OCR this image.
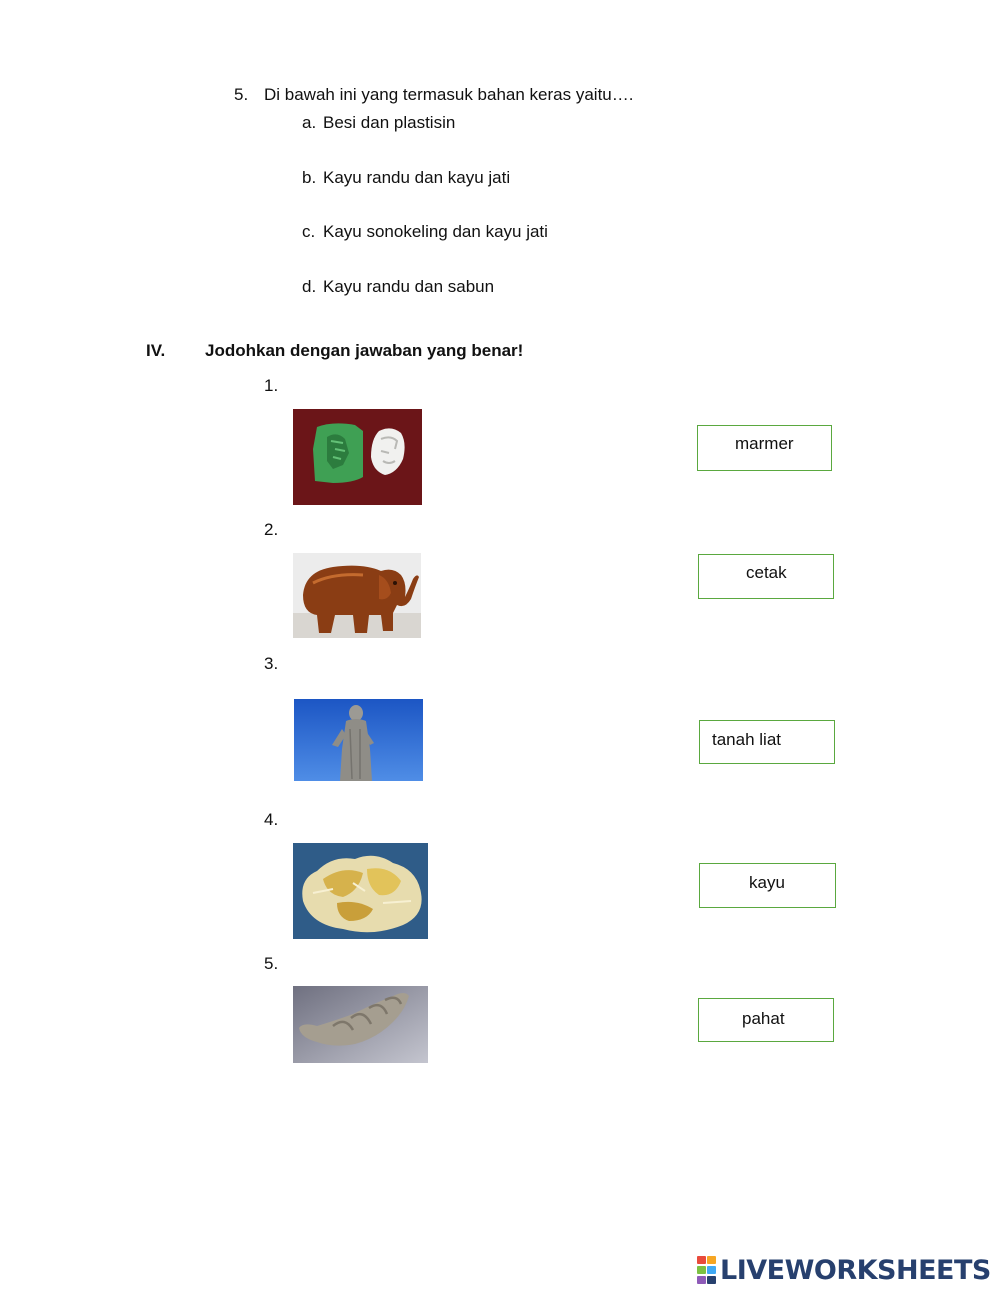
5. Di bawah ini yang termasuk bahan keras yaitu….
a. Besi dan plastisin
b. Kayu randu dan kayu jati
c. Kayu sonokeling dan kayu jati
d. Kayu randu dan sabun
IV. Jodohkan dengan jawaban yang benar!
1.
2.
3.
4.
5.
marmer
cetak
tanah liat
kayu
pahat
LIVEWORKSHEETS
